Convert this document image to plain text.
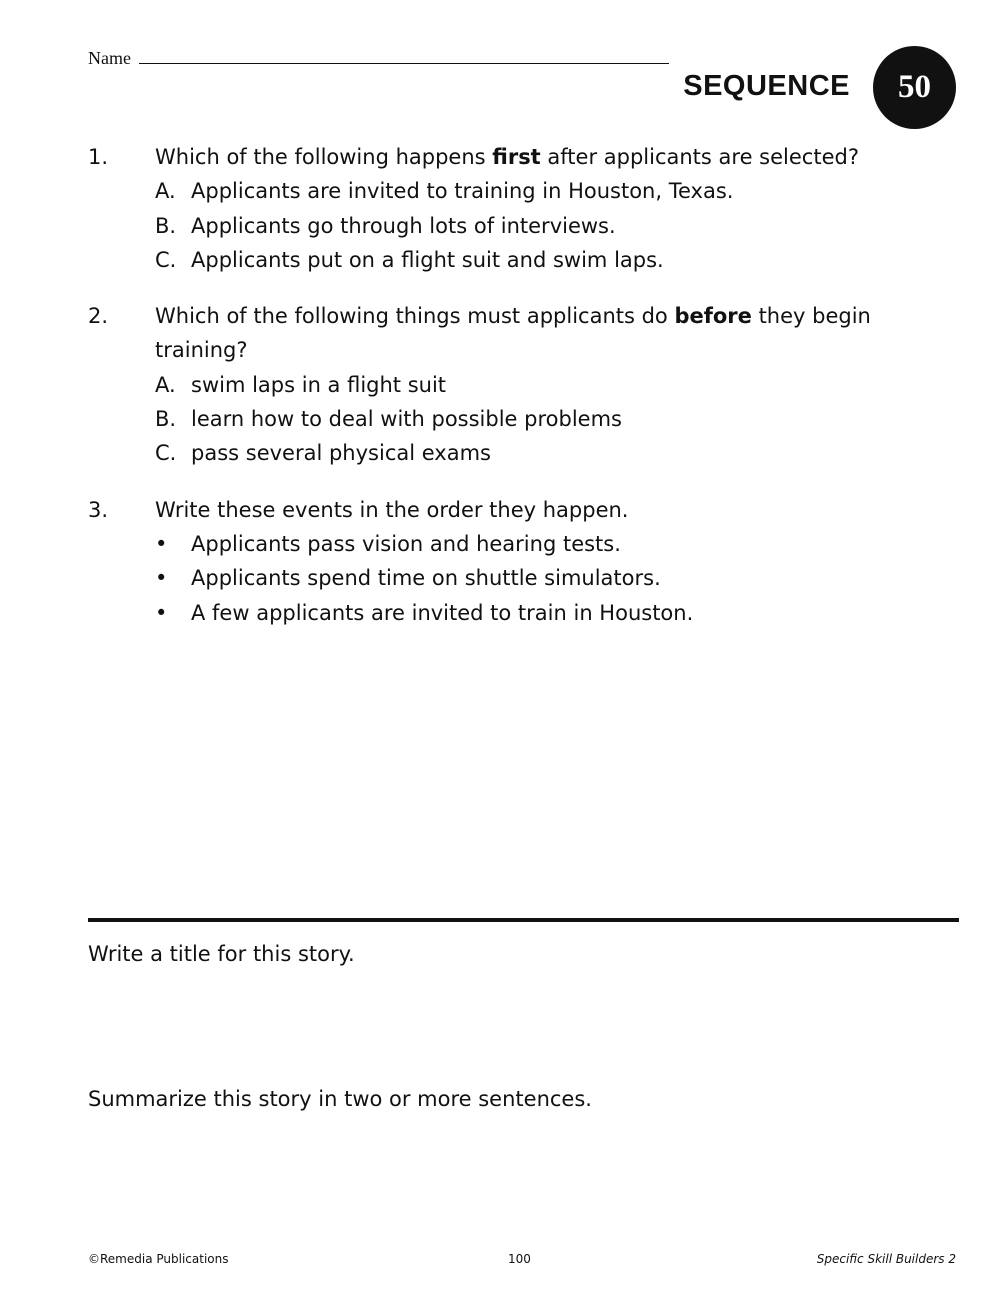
Name
SEQUENCE 50
1.	Which of the following happens first after applicants are selected?
A. Applicants are invited to training in Houston, Texas.
B. Applicants go through lots of interviews.
C. Applicants put on a flight suit and swim laps.
2.	Which of the following things must applicants do before they begin training?
A. swim laps in a flight suit
B. learn how to deal with possible problems
C. pass several physical exams
3.	Write these events in the order they happen.
•	Applicants pass vision and hearing tests.
•	Applicants spend time on shuttle simulators.
•	A few applicants are invited to train in Houston.
Write a title for this story.
Summarize this story in two or more sentences.
©Remedia Publications	100	Specific Skill Builders 2
